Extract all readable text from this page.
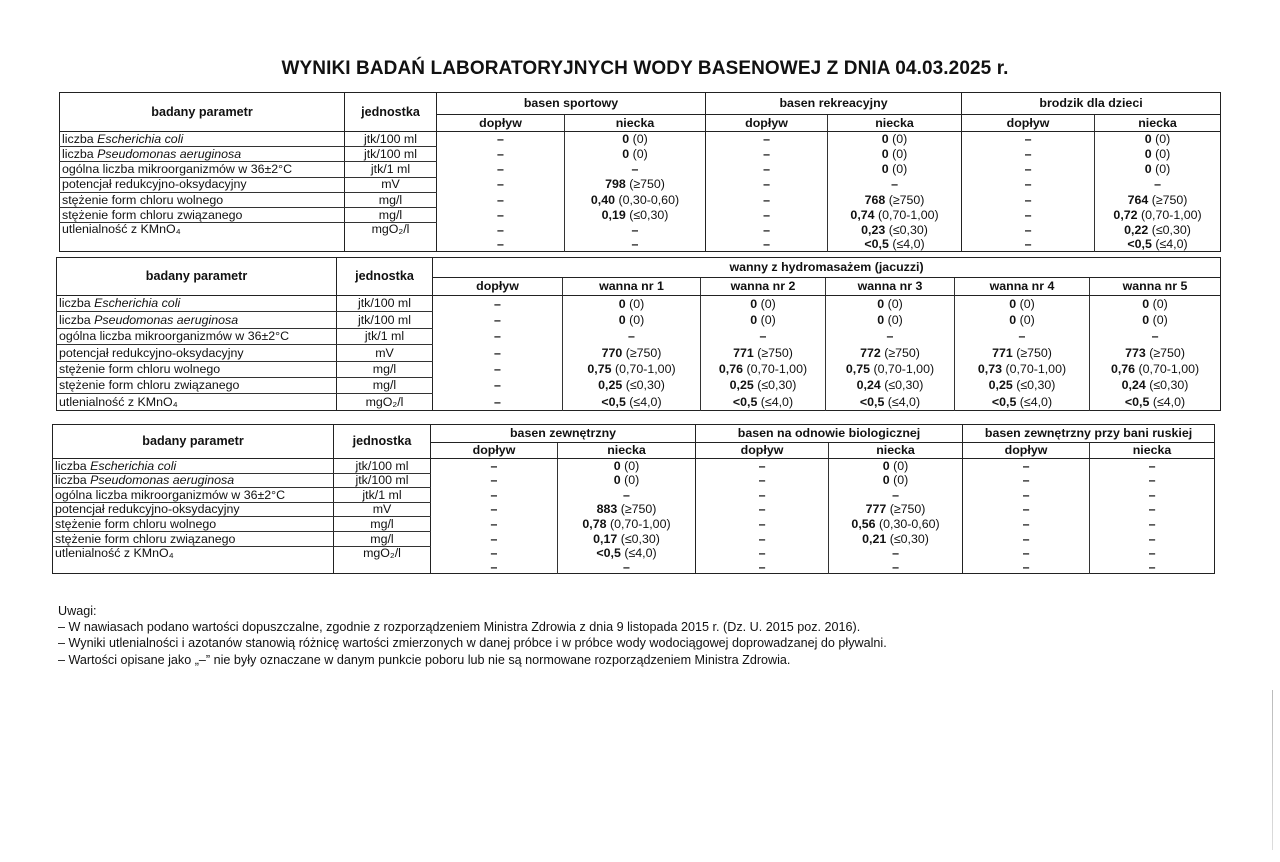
WYNIKI BADAŃ LABORATORYJNYCH WODY BASENOWEJ Z DNIA 04.03.2025 r.
badany parametr	jednostka	basen sportowy		basen rekreacyjny		brodzik dla dzieci	
		dopływ	niecka	dopływ	niecka	dopływ	niecka
liczba Escherichia coli	jtk/100 ml	–	0 (0)	–	0 (0)	–	0 (0)
liczba Pseudomonas aeruginosa	jtk/100 ml	–	0 (0)	–	0 (0)	–	0 (0)
ogólna liczba mikroorganizmów w 36±2°C	jtk/1 ml	–	–	–	0 (0)	–	0 (0)
potencjał redukcyjno-oksydacyjny	mV	–	798 (≥750)	–	–	–	–
stężenie form chloru wolnego	mg/l	–	0,40 (0,30-0,60)	–	768 (≥750)	–	764 (≥750)
stężenie form chloru związanego	mg/l	–	0,19 (≤0,30)	–	0,74 (0,70-1,00)	–	0,72 (0,70-1,00)
utlenialność z KMnO₄	mgO₂/l	–	–	–	0,23 (≤0,30)	–	0,22 (≤0,30)
		–	–	–	<0,5 (≤4,0)	–	<0,5 (≤4,0)
badany parametr	jednostka	wanny z hydromasażem (jacuzzi)					
		dopływ	wanna nr 1	wanna nr 2	wanna nr 3	wanna nr 4	wanna nr 5
liczba Escherichia coli	jtk/100 ml	–	0 (0)	0 (0)	0 (0)	0 (0)	0 (0)
liczba Pseudomonas aeruginosa	jtk/100 ml	–	0 (0)	0 (0)	0 (0)	0 (0)	0 (0)
ogólna liczba mikroorganizmów w 36±2°C	jtk/1 ml	–	–	–	–	–	–
potencjał redukcyjno-oksydacyjny	mV	–	770 (≥750)	771 (≥750)	772 (≥750)	771 (≥750)	773 (≥750)
stężenie form chloru wolnego	mg/l	–	0,75 (0,70-1,00)	0,76 (0,70-1,00)	0,75 (0,70-1,00)	0,73 (0,70-1,00)	0,76 (0,70-1,00)
stężenie form chloru związanego	mg/l	–	0,25 (≤0,30)	0,25 (≤0,30)	0,24 (≤0,30)	0,25 (≤0,30)	0,24 (≤0,30)
utlenialność z KMnO₄	mgO₂/l	–	<0,5 (≤4,0)	<0,5 (≤4,0)	<0,5 (≤4,0)	<0,5 (≤4,0)	<0,5 (≤4,0)
badany parametr	jednostka	basen zewnętrzny		basen na odnowie biologicznej		basen zewnętrzny przy bani ruskiej	
		dopływ	niecka	dopływ	niecka	dopływ	niecka
liczba Escherichia coli	jtk/100 ml	–	0 (0)	–	0 (0)	–	–
liczba Pseudomonas aeruginosa	jtk/100 ml	–	0 (0)	–	0 (0)	–	–
ogólna liczba mikroorganizmów w 36±2°C	jtk/1 ml	–	–	–	–	–	–
potencjał redukcyjno-oksydacyjny	mV	–	883 (≥750)	–	777 (≥750)	–	–
stężenie form chloru wolnego	mg/l	–	0,78 (0,70-1,00)	–	0,56 (0,30-0,60)	–	–
stężenie form chloru związanego	mg/l	–	0,17 (≤0,30)	–	0,21 (≤0,30)	–	–
utlenialność z KMnO₄	mgO₂/l	–	<0,5 (≤4,0)	–	–	–	–
		–	–	–	–	–	–
Uwagi:
– W nawiasach podano wartości dopuszczalne, zgodnie z rozporządzeniem Ministra Zdrowia z dnia 9 listopada 2015 r. (Dz. U. 2015 poz. 2016).
– Wyniki utlenialności i azotanów stanowią różnicę wartości zmierzonych w danej próbce i w próbce wody wodociągowej doprowadzanej do pływalni.
– Wartości opisane jako „–” nie były oznaczane w danym punkcie poboru lub nie są normowane rozporządzeniem Ministra Zdrowia.
